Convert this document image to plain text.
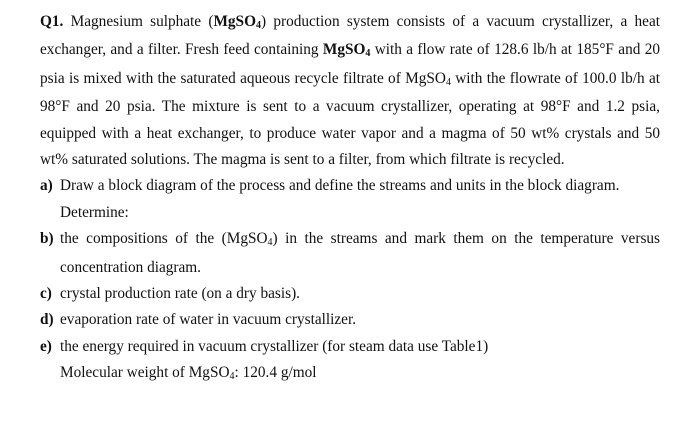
Q1. Magnesium sulphate (MgSO$_4$) production system consists of a vacuum crystallizer, a heat exchanger, and a filter. Fresh feed containing MgSO$_4$ with a flow rate of 128.6 lb/h at 185°F and 20 psia is mixed with the saturated aqueous recycle filtrate of MgSO$_4$ with the flowrate of 100.0 lb/h at 98°F and 20 psia. The mixture is sent to a vacuum crystallizer, operating at 98°F and 1.2 psia, equipped with a heat exchanger, to produce water vapor and a magma of 50 wt% crystals and 50 wt% saturated solutions. The magma is sent to a filter, from which filtrate is recycled.
a) Draw a block diagram of the process and define the streams and units in the block diagram.
Determine:
b) the compositions of the (MgSO$_4$) in the streams and mark them on the temperature versus concentration diagram.
c) crystal production rate (on a dry basis).
d) evaporation rate of water in vacuum crystallizer.
e) the energy required in vacuum crystallizer (for steam data use Table1)
Molecular weight of MgSO$_4$: 120.4 g/mol
